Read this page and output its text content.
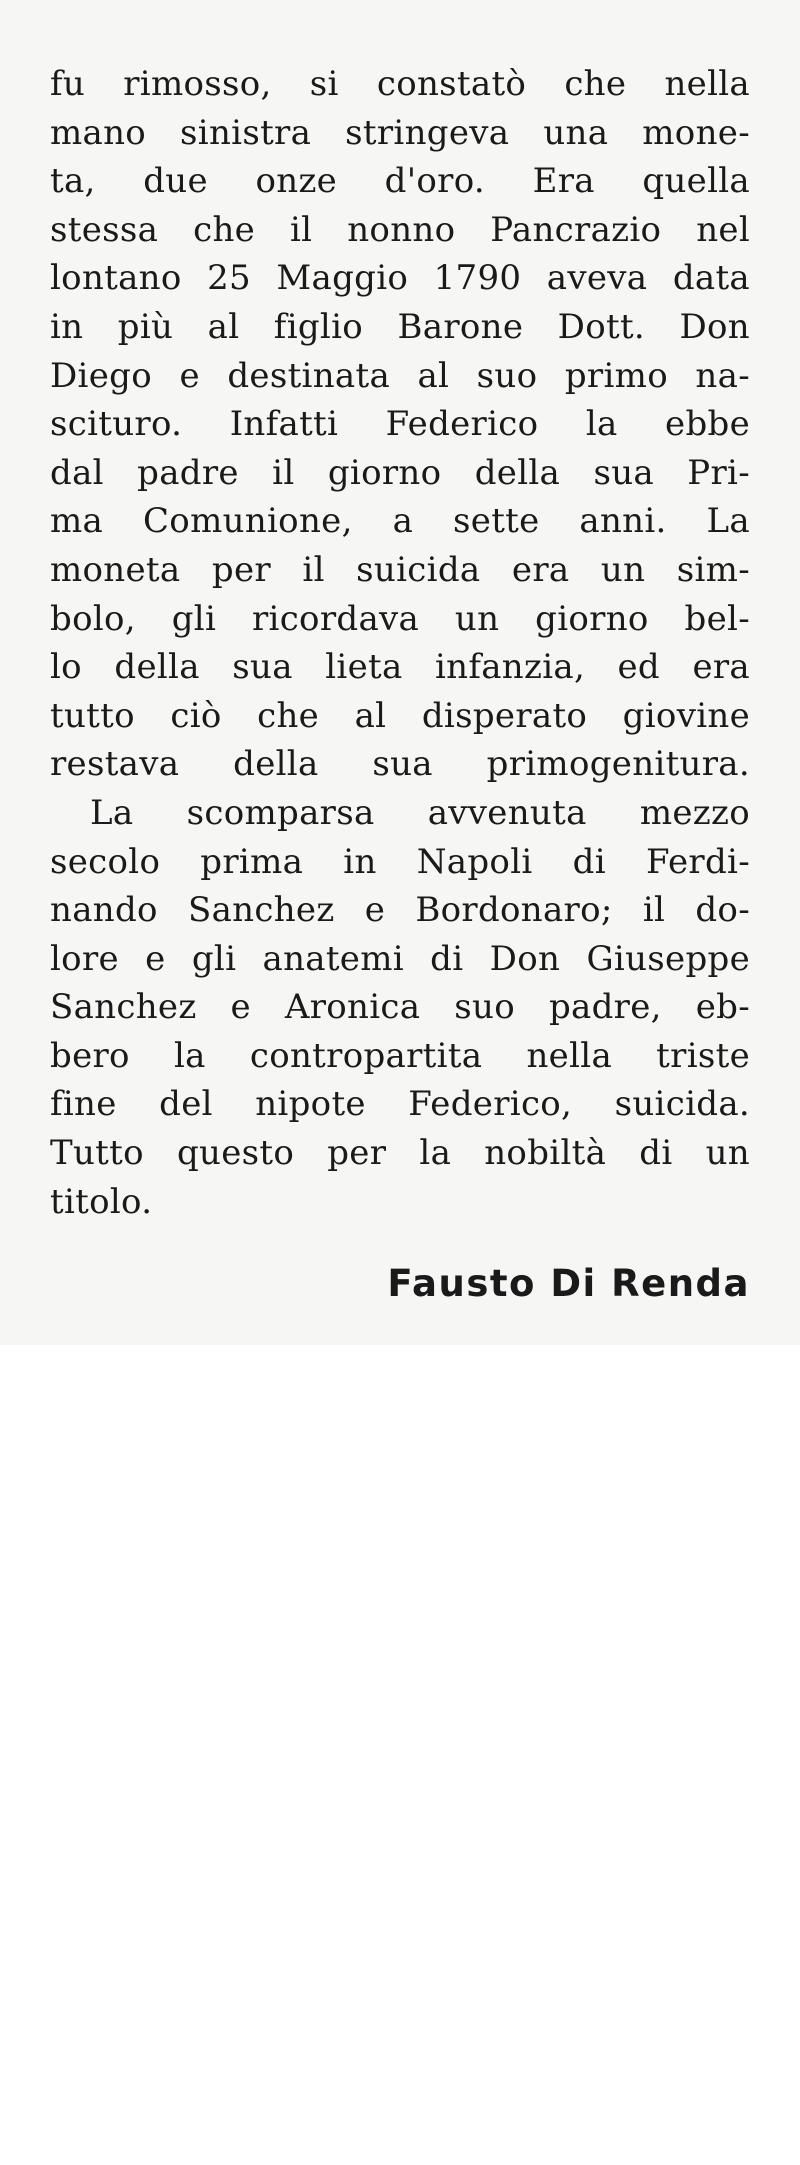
fu rimosso, si constatò che nella
mano sinistra stringeva una mone-
ta, due onze d'oro. Era quella
stessa che il nonno Pancrazio nel
lontano 25 Maggio 1790 aveva data
in più al figlio Barone Dott. Don
Diego e destinata al suo primo na-
scituro. Infatti Federico la ebbe
dal padre il giorno della sua Pri-
ma Comunione, a sette anni. La
moneta per il suicida era un sim-
bolo, gli ricordava un giorno bel-
lo della sua lieta infanzia, ed era
tutto ciò che al disperato giovine
restava della sua primogenitura.
La scomparsa avvenuta mezzo
secolo prima in Napoli di Ferdi-
nando Sanchez e Bordonaro; il do-
lore e gli anatemi di Don Giuseppe
Sanchez e Aronica suo padre, eb-
bero la contropartita nella triste
fine del nipote Federico, suicida.
Tutto questo per la nobiltà di un
titolo.
Fausto Di Renda
